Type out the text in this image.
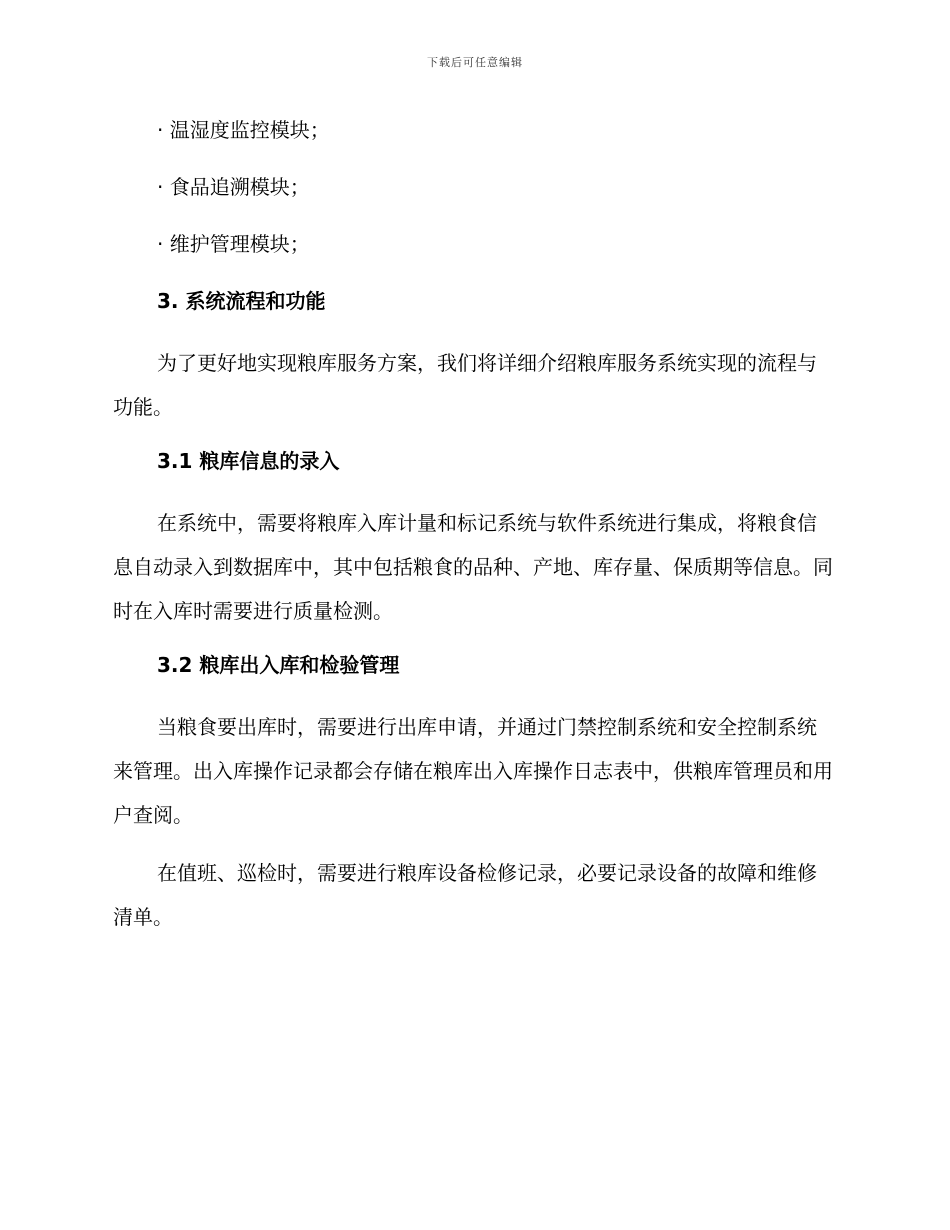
下载后可任意编辑
· 温湿度监控模块；
· 食品追溯模块；
· 维护管理模块；
3. 系统流程和功能

为了更好地实现粮库服务方案，我们将详细介绍粮库服务系统实现的流程与功能。

3.1 粮库信息的录入

在系统中，需要将粮库入库计量和标记系统与软件系统进行集成，将粮食信息自动录入到数据库中，其中包括粮食的品种、产地、库存量、保质期等信息。同时在入库时需要进行质量检测。

3.2 粮库出入库和检验管理

当粮食要出库时，需要进行出库申请，并通过门禁控制系统和安全控制系统来管理。出入库操作记录都会存储在粮库出入库操作日志表中，供粮库管理员和用户查阅。

在值班、巡检时，需要进行粮库设备检修记录，必要记录设备的故障和维修清单。
